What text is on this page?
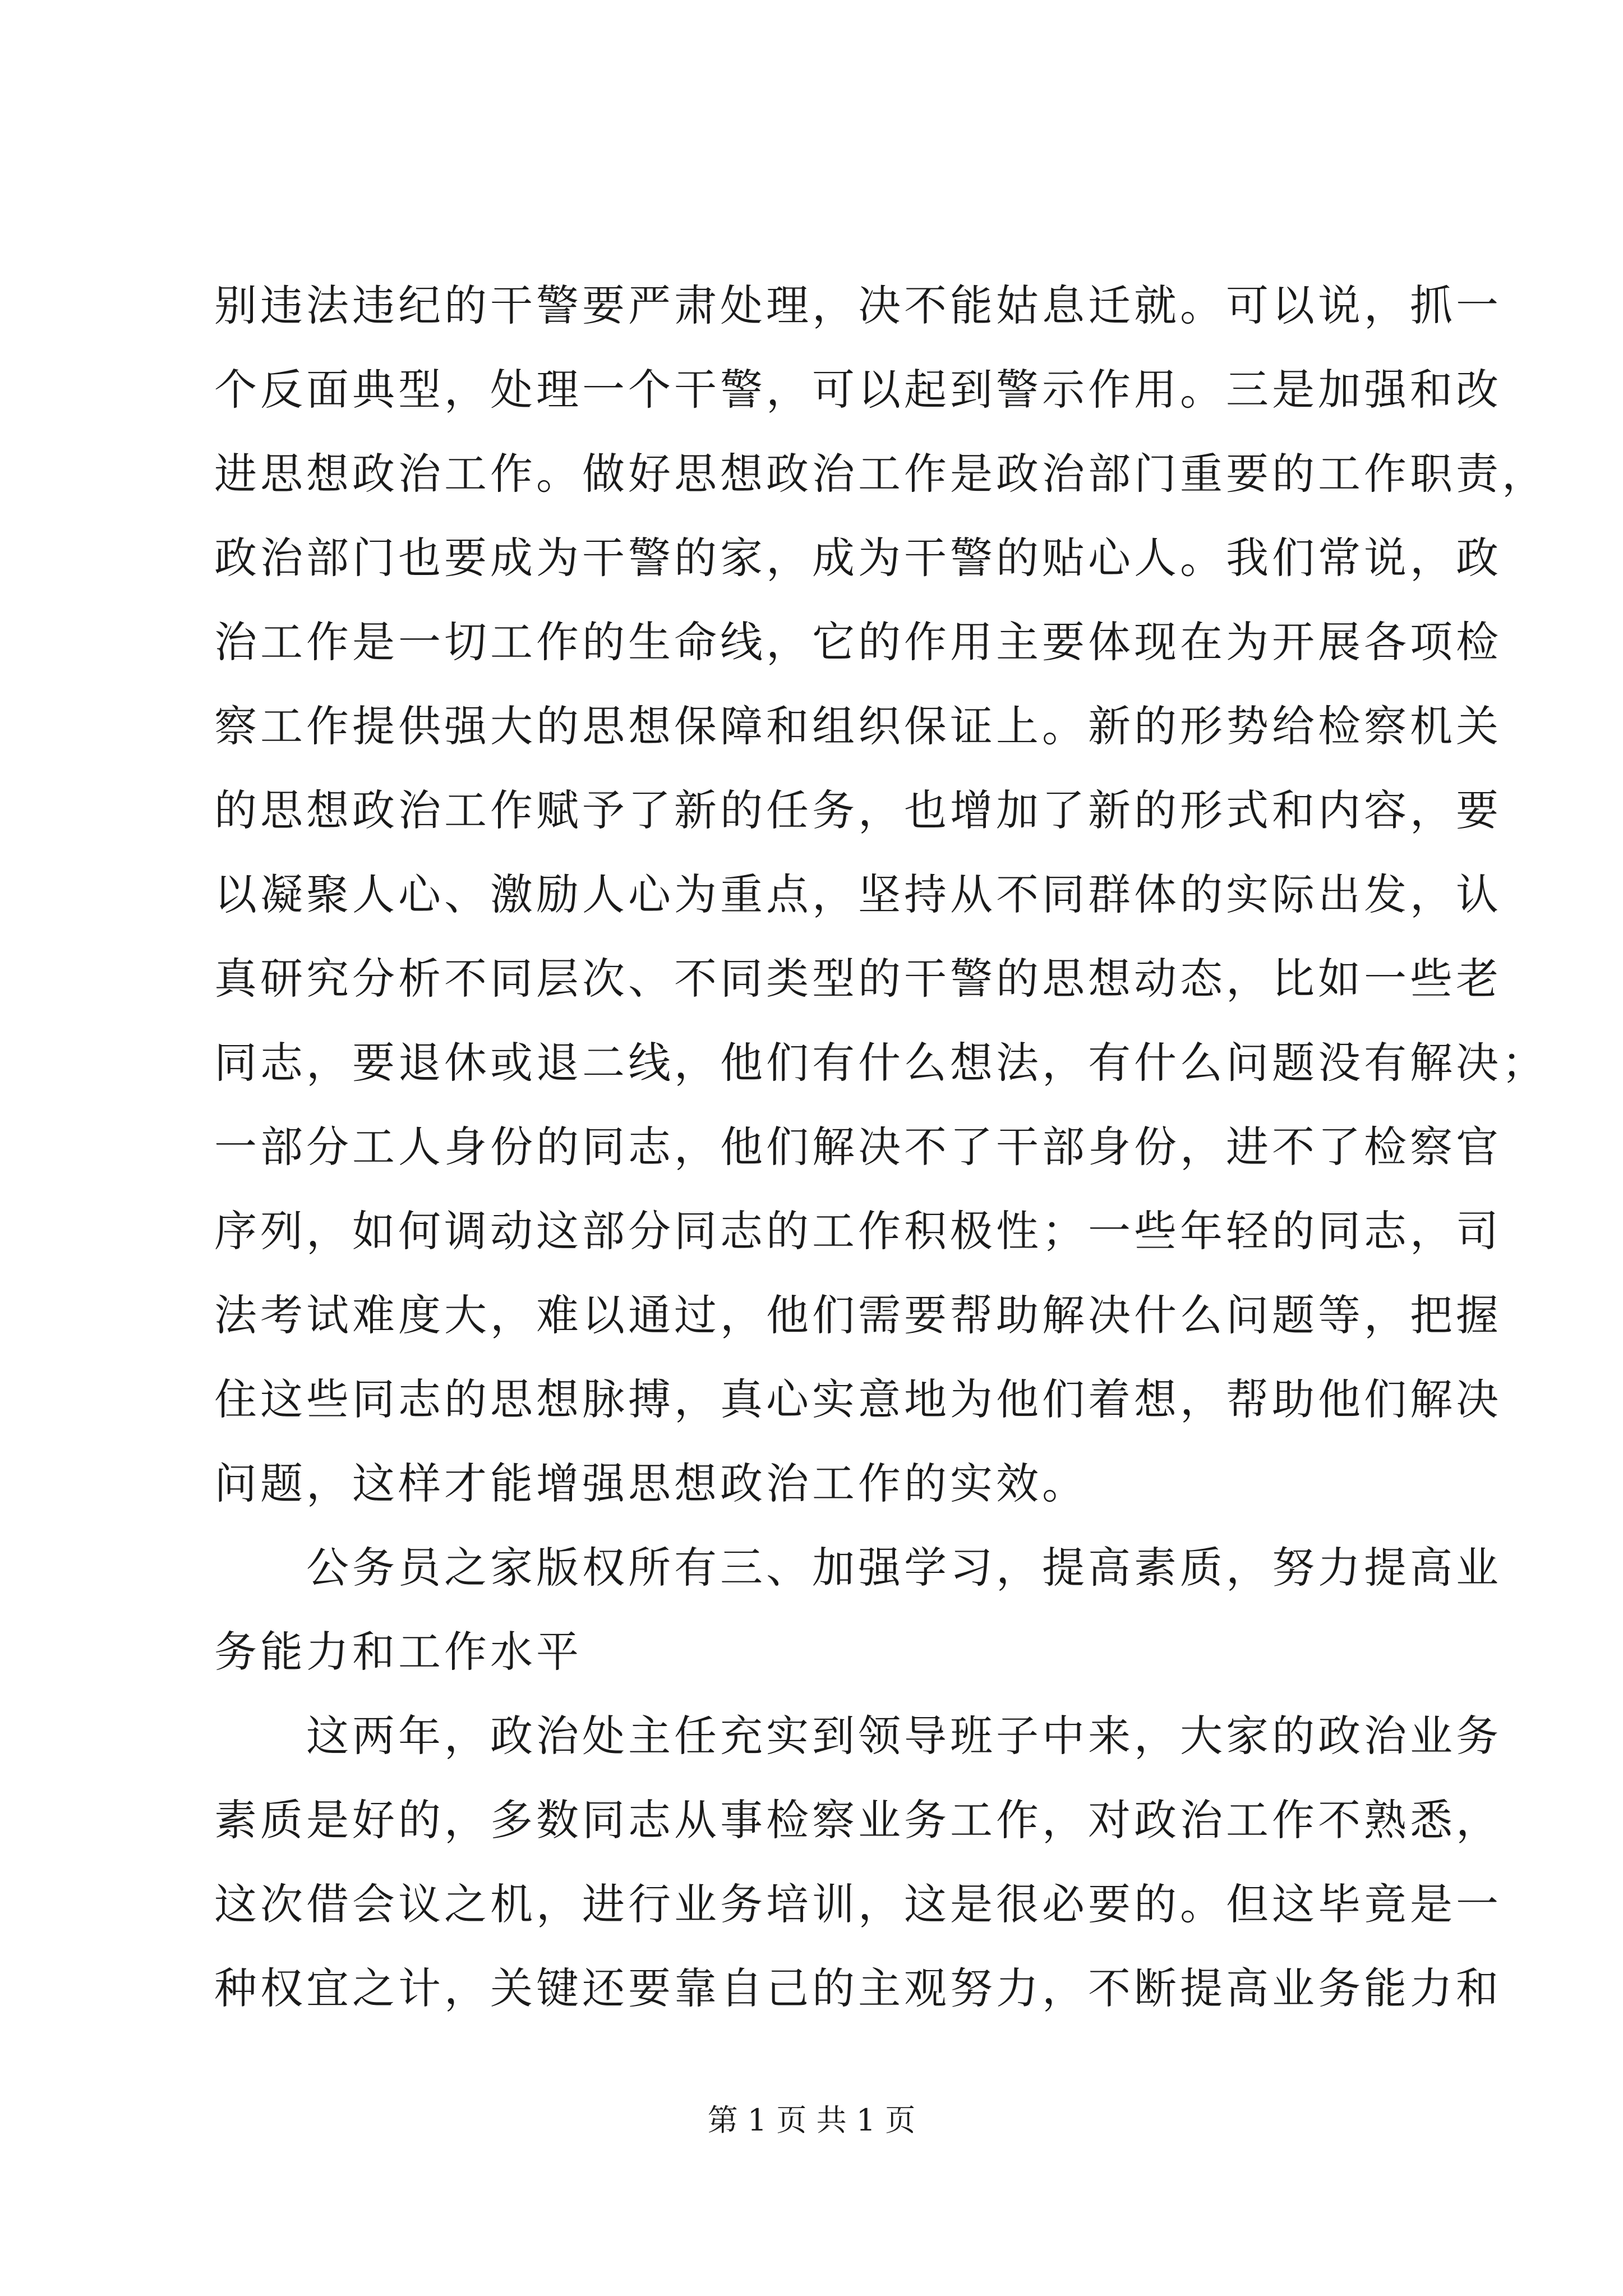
别违法违纪的干警要严肃处理，决不能姑息迁就。可以说，抓一
个反面典型，处理一个干警，可以起到警示作用。三是加强和改
进思想政治工作。做好思想政治工作是政治部门重要的工作职责，
政治部门也要成为干警的家，成为干警的贴心人。我们常说，政
治工作是一切工作的生命线，它的作用主要体现在为开展各项检
察工作提供强大的思想保障和组织保证上。新的形势给检察机关
的思想政治工作赋予了新的任务，也增加了新的形式和内容，要
以凝聚人心、激励人心为重点，坚持从不同群体的实际出发，认
真研究分析不同层次、不同类型的干警的思想动态，比如一些老
同志，要退休或退二线，他们有什么想法，有什么问题没有解决；
一部分工人身份的同志，他们解决不了干部身份，进不了检察官
序列，如何调动这部分同志的工作积极性；一些年轻的同志，司
法考试难度大，难以通过，他们需要帮助解决什么问题等，把握
住这些同志的思想脉搏，真心实意地为他们着想，帮助他们解决
问题，这样才能增强思想政治工作的实效。
　　公务员之家版权所有三、加强学习，提高素质，努力提高业
务能力和工作水平
　　这两年，政治处主任充实到领导班子中来，大家的政治业务
素质是好的，多数同志从事检察业务工作，对政治工作不熟悉，
这次借会议之机，进行业务培训，这是很必要的。但这毕竟是一
种权宜之计，关键还要靠自己的主观努力，不断提高业务能力和
第 1 页 共 1 页
